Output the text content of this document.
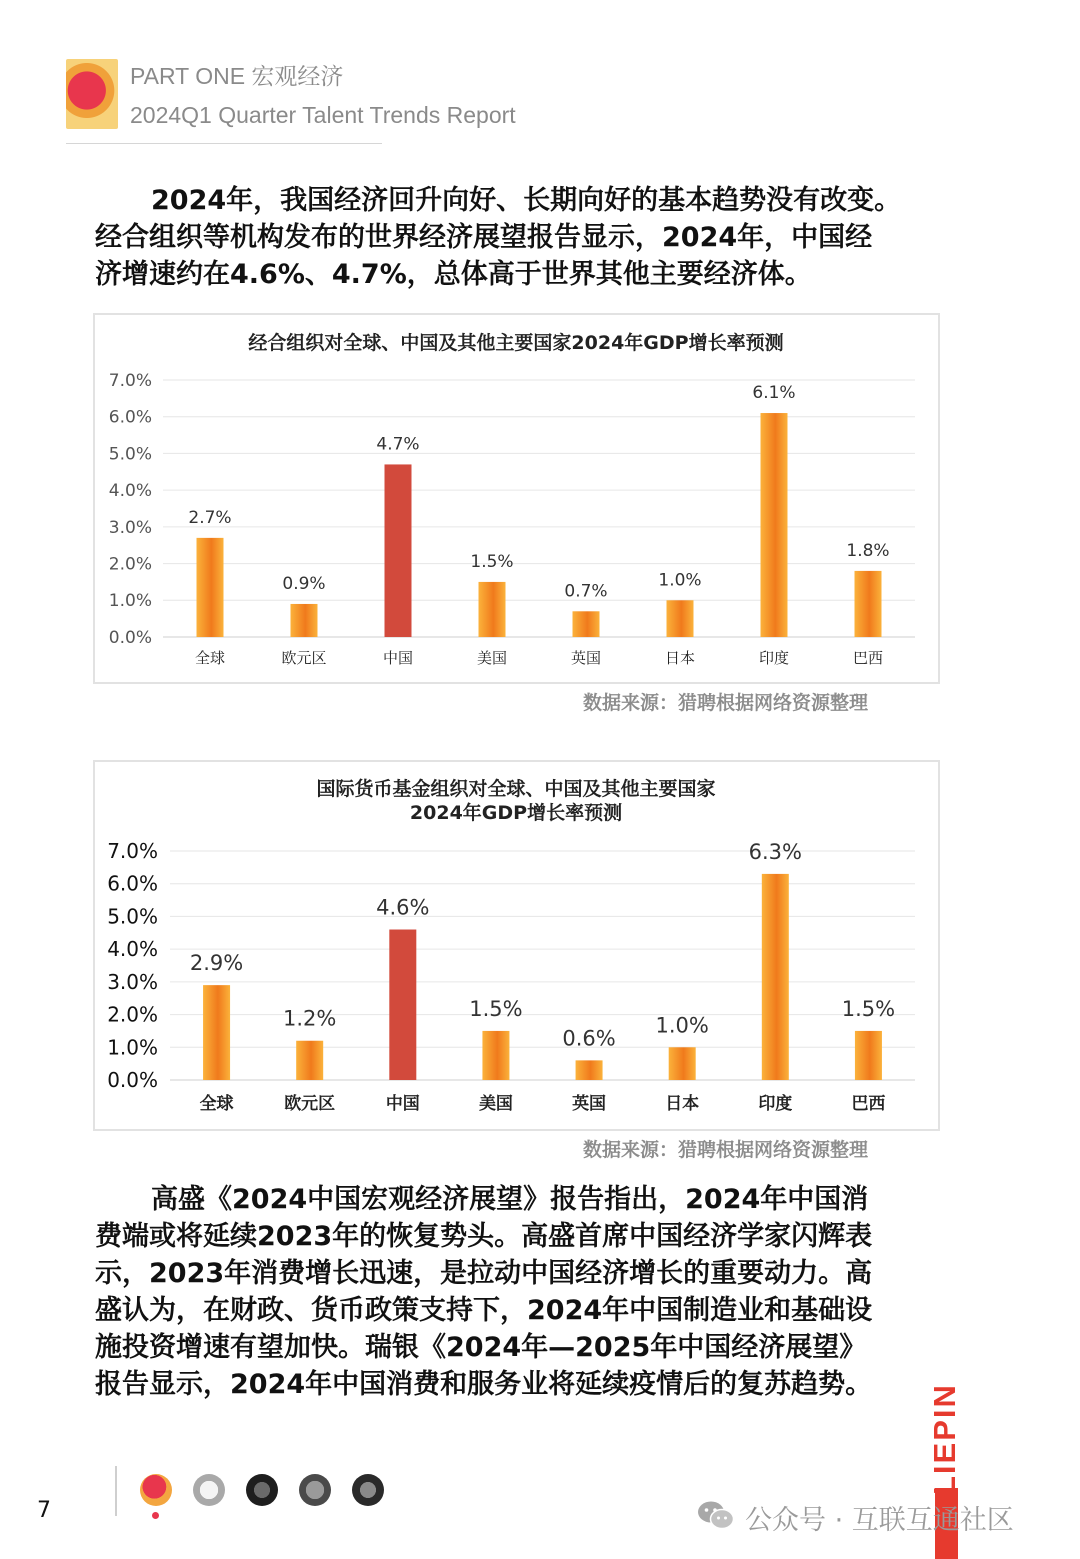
PART ONE 宏观经济
2024Q1 Quarter Talent Trends Report

2024年，我国经济回升向好、长期向好的基本趋势没有改变。
经合组织等机构发布的世界经济展望报告显示，2024年，中国经
济增速约在4.6%、4.7%，总体高于世界其他主要经济体。

经合组织对全球、中国及其他主要国家2024年GDP增长率预测
0.0%
1.0%
2.0%
3.0%
4.0%
5.0%
6.0%
7.0%
2.7%
全球
0.9%
欧元区
4.7%
中国
1.5%
美国
0.7%
英国
1.0%
日本
6.1%
印度
1.8%
巴西
数据来源：猎聘根据网络资源整理
国际货币基金组织对全球、中国及其他主要国家
2024年GDP增长率预测
0.0%
1.0%
2.0%
3.0%
4.0%
5.0%
6.0%
7.0%
2.9%
全球
1.2%
欧元区
4.6%
中国
1.5%
美国
0.6%
英国
1.0%
日本
6.3%
印度
1.5%
巴西
数据来源：猎聘根据网络资源整理

高盛《2024中国宏观经济展望》报告指出，2024年中国消
费端或将延续2023年的恢复势头。高盛首席中国经济学家闪辉表
示，2023年消费增长迅速，是拉动中国经济增长的重要动力。高
盛认为，在财政、货币政策支持下，2024年中国制造业和基础设
施投资增速有望加快。瑞银《2024年—2025年中国经济展望》
报告显示，2024年中国消费和服务业将延续疫情后的复苏趋势。

7
LIEPIN
公众号 · 互联互通社区
